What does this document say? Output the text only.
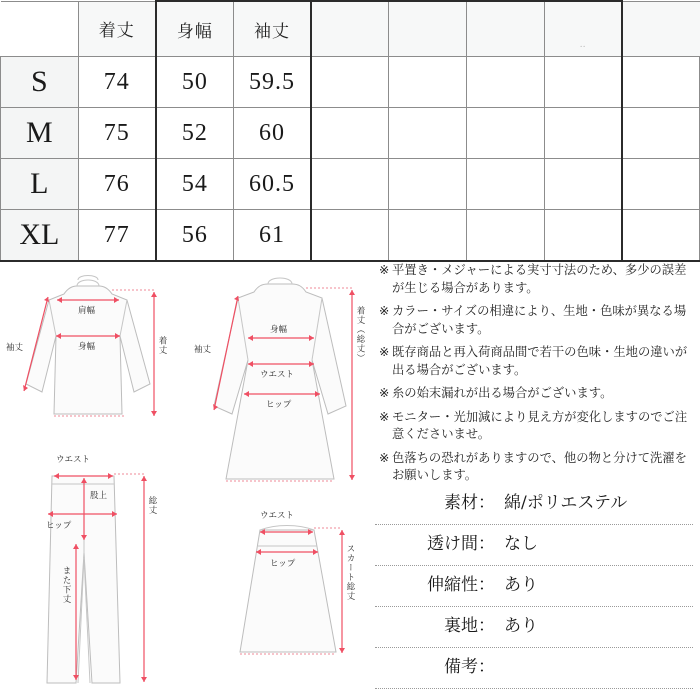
	着丈	身幅	袖丈				‥	
S	74	50	59.5					
M	75	52	60					
L	76	54	60.5					
XL	77	56	61					
袖丈
肩幅
身幅	着丈
ウエスト
股上
ヒップ
また下丈
総丈
袖丈
身幅
ウエスト
ヒップ
着丈（総丈）
ウエスト
ヒップ	スカート総丈
※ 平置き・メジャーによる実寸寸法のため、多少の誤差が生じる場合があります。
※ カラー・サイズの相違により、生地・色味が異なる場合がございます。
※ 既存商品と再入荷商品間で若干の色味・生地の違いが出る場合がございます。
※ 糸の始末漏れが出る場合がございます。
※ モニター・光加減により見え方が変化しますのでご注意くださいませ。
※ 色落ちの恐れがありますので、他の物と分けて洗濯をお願いします。
素材： 綿/ポリエステル
透け間： なし
伸縮性： あり
裏地： あり
備考：
